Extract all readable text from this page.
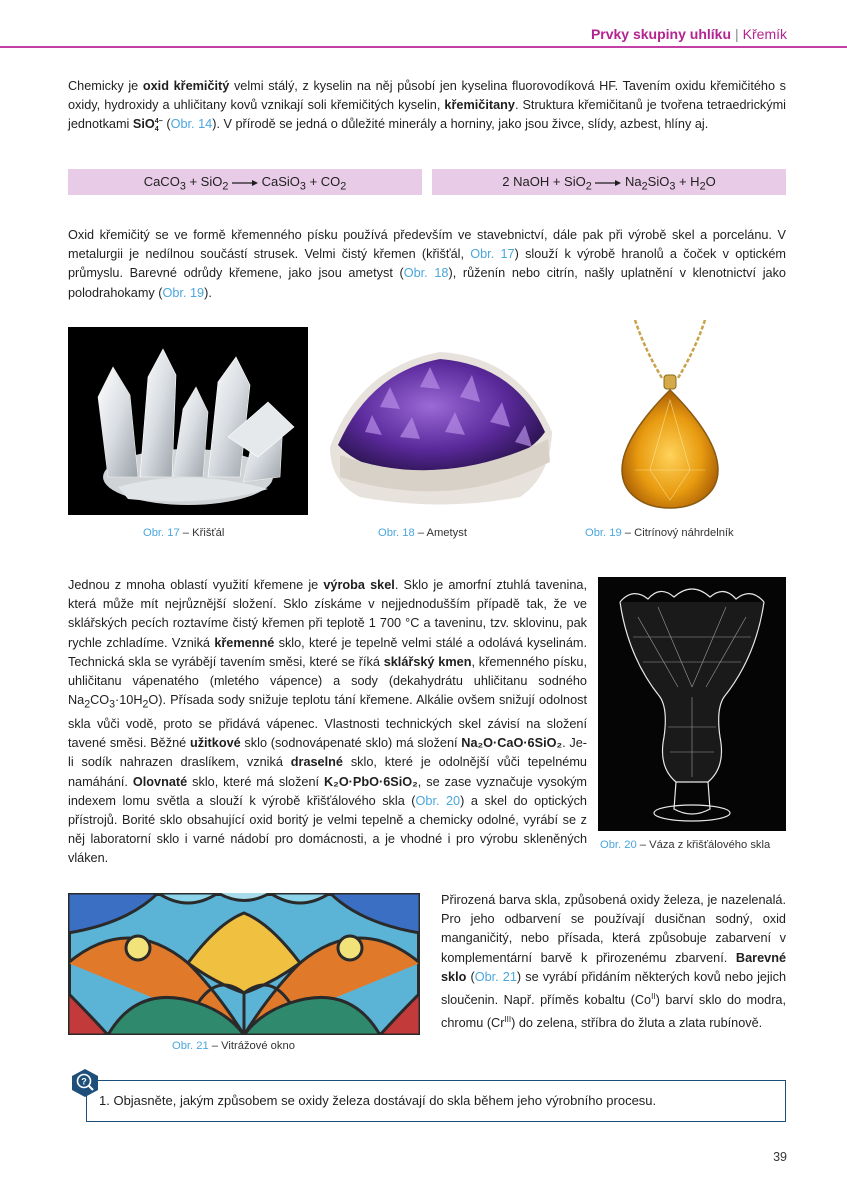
Prvky skupiny uhlíku | Křemík

Chemicky je oxid křemičitý velmi stálý, z kyselin na něj působí jen kyselina fluorovodíková HF. Tavením oxidu křemičitého s oxidy, hydroxidy a uhličitany kovů vznikají soli křemičitých kyselin, křemičitany. Struktura křemičitanů je tvořena tetraedrickými jednotkami SiO 4−
4 (Obr. 14). V přírodě se jedná o důležité minerály a horniny, jako jsou živce, slídy, azbest, hlíny aj.

CaCO$_3$ + SiO$_2$ → CaSiO$_3$ + $CO_2$	2 NaOH + $SiO_2 \to Na_2SiO_3 + H_2O$

Oxid křemičitý se ve formě křemenného písku používá především ve stavebnictví, dále pak při výrobě skel a porcelánu. V metalurgii je nedílnou součástí strusek. Velmi čistý křemen (křišťál, Obr. 17) slouží k výrobě hranolů a čoček v optickém průmyslu. Barevné odrůdy křemene, jako jsou ametyst (Obr. 18), růženín nebo citrín, našly uplatnění v klenotnictví jako polodrahokamy (Obr. 19).

Obr. 17 – Křišťál	Obr. 18 – Ametyst	Obr. 19 – Citrínový náhrdelník

Jednou z mnoha oblastí využití křemene je výroba skel. Sklo je amorfní ztuhlá tavenina, která může mít nejrůznější složení. Sklo získáme v nejjednodušším případě tak, že ve sklářských pecích roztavíme čistý křemen při teplotě 1 700 °C a taveninu, tzv. sklovinu, pak rychle zchladíme. Vzniká křemenné sklo, které je tepelně velmi stálé a odolává kyselinám. Technická skla se vyrábějí tavením směsi, které se říká sklářský kmen, křemenného písku, uhličitanu vápenatého (mletého vápence) a sody (dekahydrátu uhličitanu sodného $Na_2CO_3\cdot 10H_2O$). Přísada sody snižuje teplotu tání křemene. Alkálie ovšem snižují odolnost skla vůči vodě, proto se přidává vápenec. Vlastnosti technických skel závisí na složení tavené směsi. Běžné užitkové sklo (sodnovápenaté sklo) má složení Na₂O·CaO·6SiO₂. Je-li sodík nahrazen draslíkem, vzniká draselné sklo, které je odolnější vůči tepelnému namáhání. Olovnaté sklo, které má složení K₂O·PbO·6SiO₂, se zase vyznačuje vysokým indexem lomu světla a slouží k výrobě křišťálového skla (Obr. 20) a skel do optických přístrojů. Borité sklo obsahující oxid boritý je velmi tepelně a chemicky odolné, vyrábí se z něj laboratorní sklo i varné nádobí pro domácnosti, a je vhodné i pro výrobu skleněných vláken.

Obr. 20 – Váza z křišťálového skla
Obr. 21 – Vitrážové okno

Přirozená barva skla, způsobená oxidy železa, je nazelenalá. Pro jeho odbarvení se používají dusičnan sodný, oxid manganičitý, nebo přísada, která způsobuje zabarvení v komplementární barvě k přirozenému zbarvení. Barevné sklo (Obr. 21) se vyrábí přidáním některých kovů nebo jejich sloučenin. Např. příměs kobaltu $(Co^{II})$ barví sklo do modra, chromu $(Cr^{III})$ do zelena, stříbra do žluta a zlata rubínově.

1. Objasněte, jakým způsobem se oxidy železa dostávají do skla během jeho výrobního procesu.
?
39
